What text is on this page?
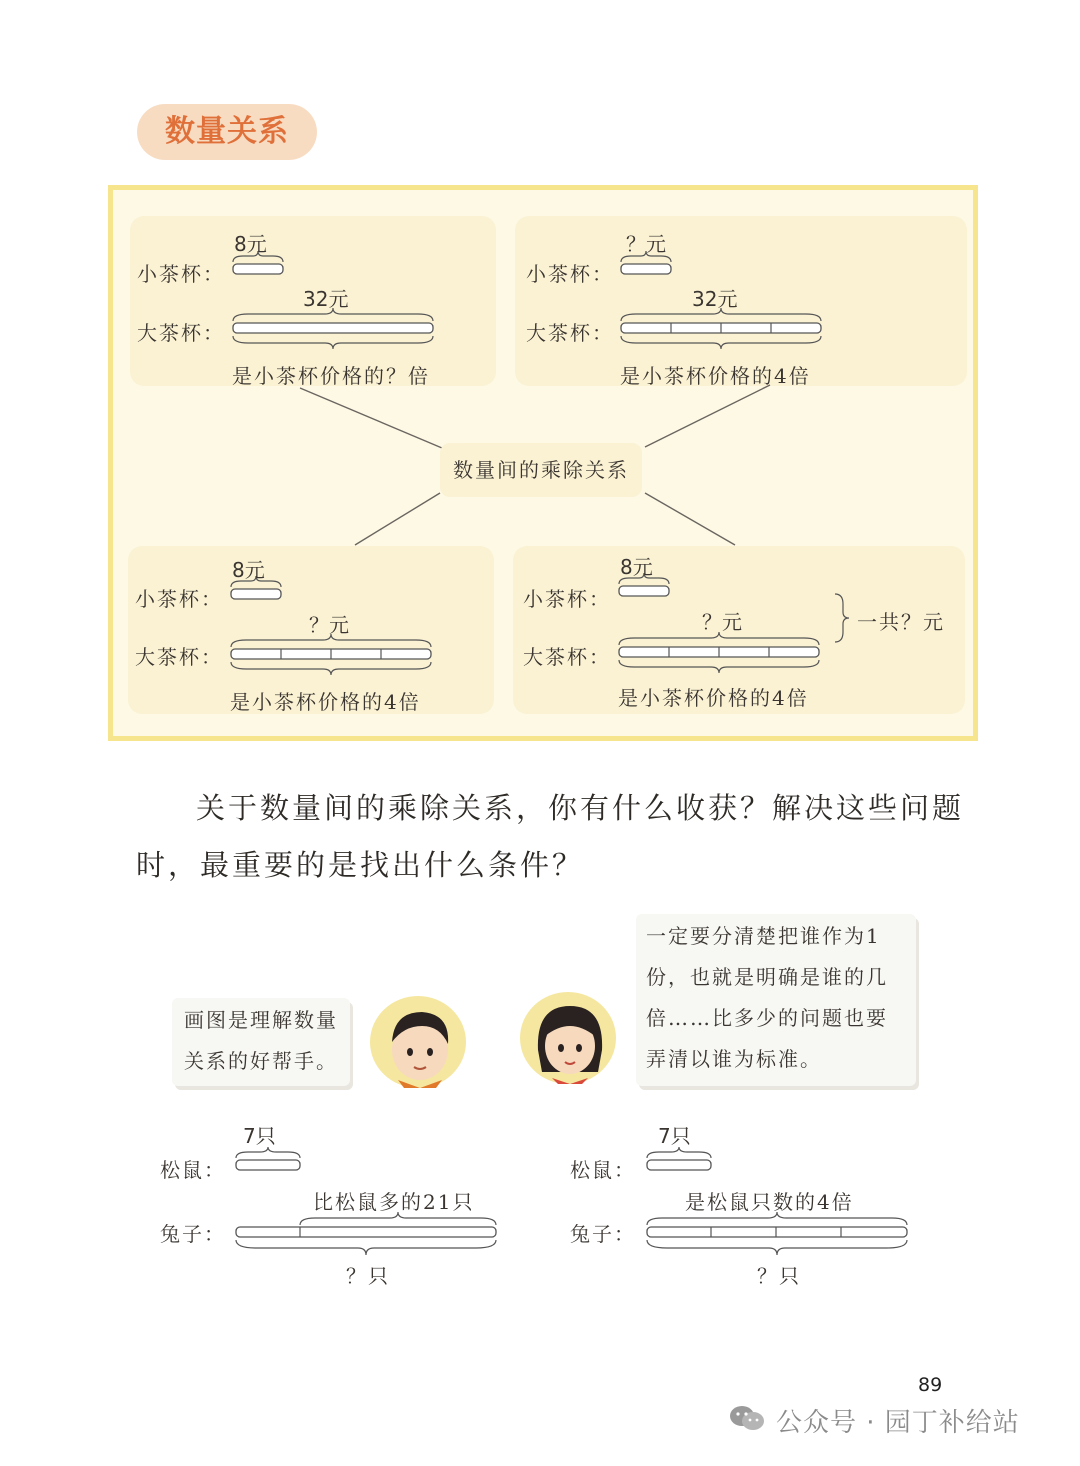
数量关系
8元
小茶杯：
32元
大茶杯：
是小茶杯价格的？倍
？元
小茶杯：
32元
大茶杯：
是小茶杯价格的4倍
数量间的乘除关系
8元
小茶杯：
？元
大茶杯：
是小茶杯价格的4倍
8元
小茶杯：
？元
大茶杯：
是小茶杯价格的4倍
一共？元
关于数量间的乘除关系，你有什么收获？解决这些问题
时，最重要的是找出什么条件？
画图是理解数量
关系的好帮手。
一定要分清楚把谁作为1
份，也就是明确是谁的几
倍……比多少的问题也要
弄清以谁为标准。
7只
松鼠：
比松鼠多的21只
兔子：
？只
7只
松鼠：
是松鼠只数的4倍
兔子：
？只
89
公众号 · 园丁补给站
